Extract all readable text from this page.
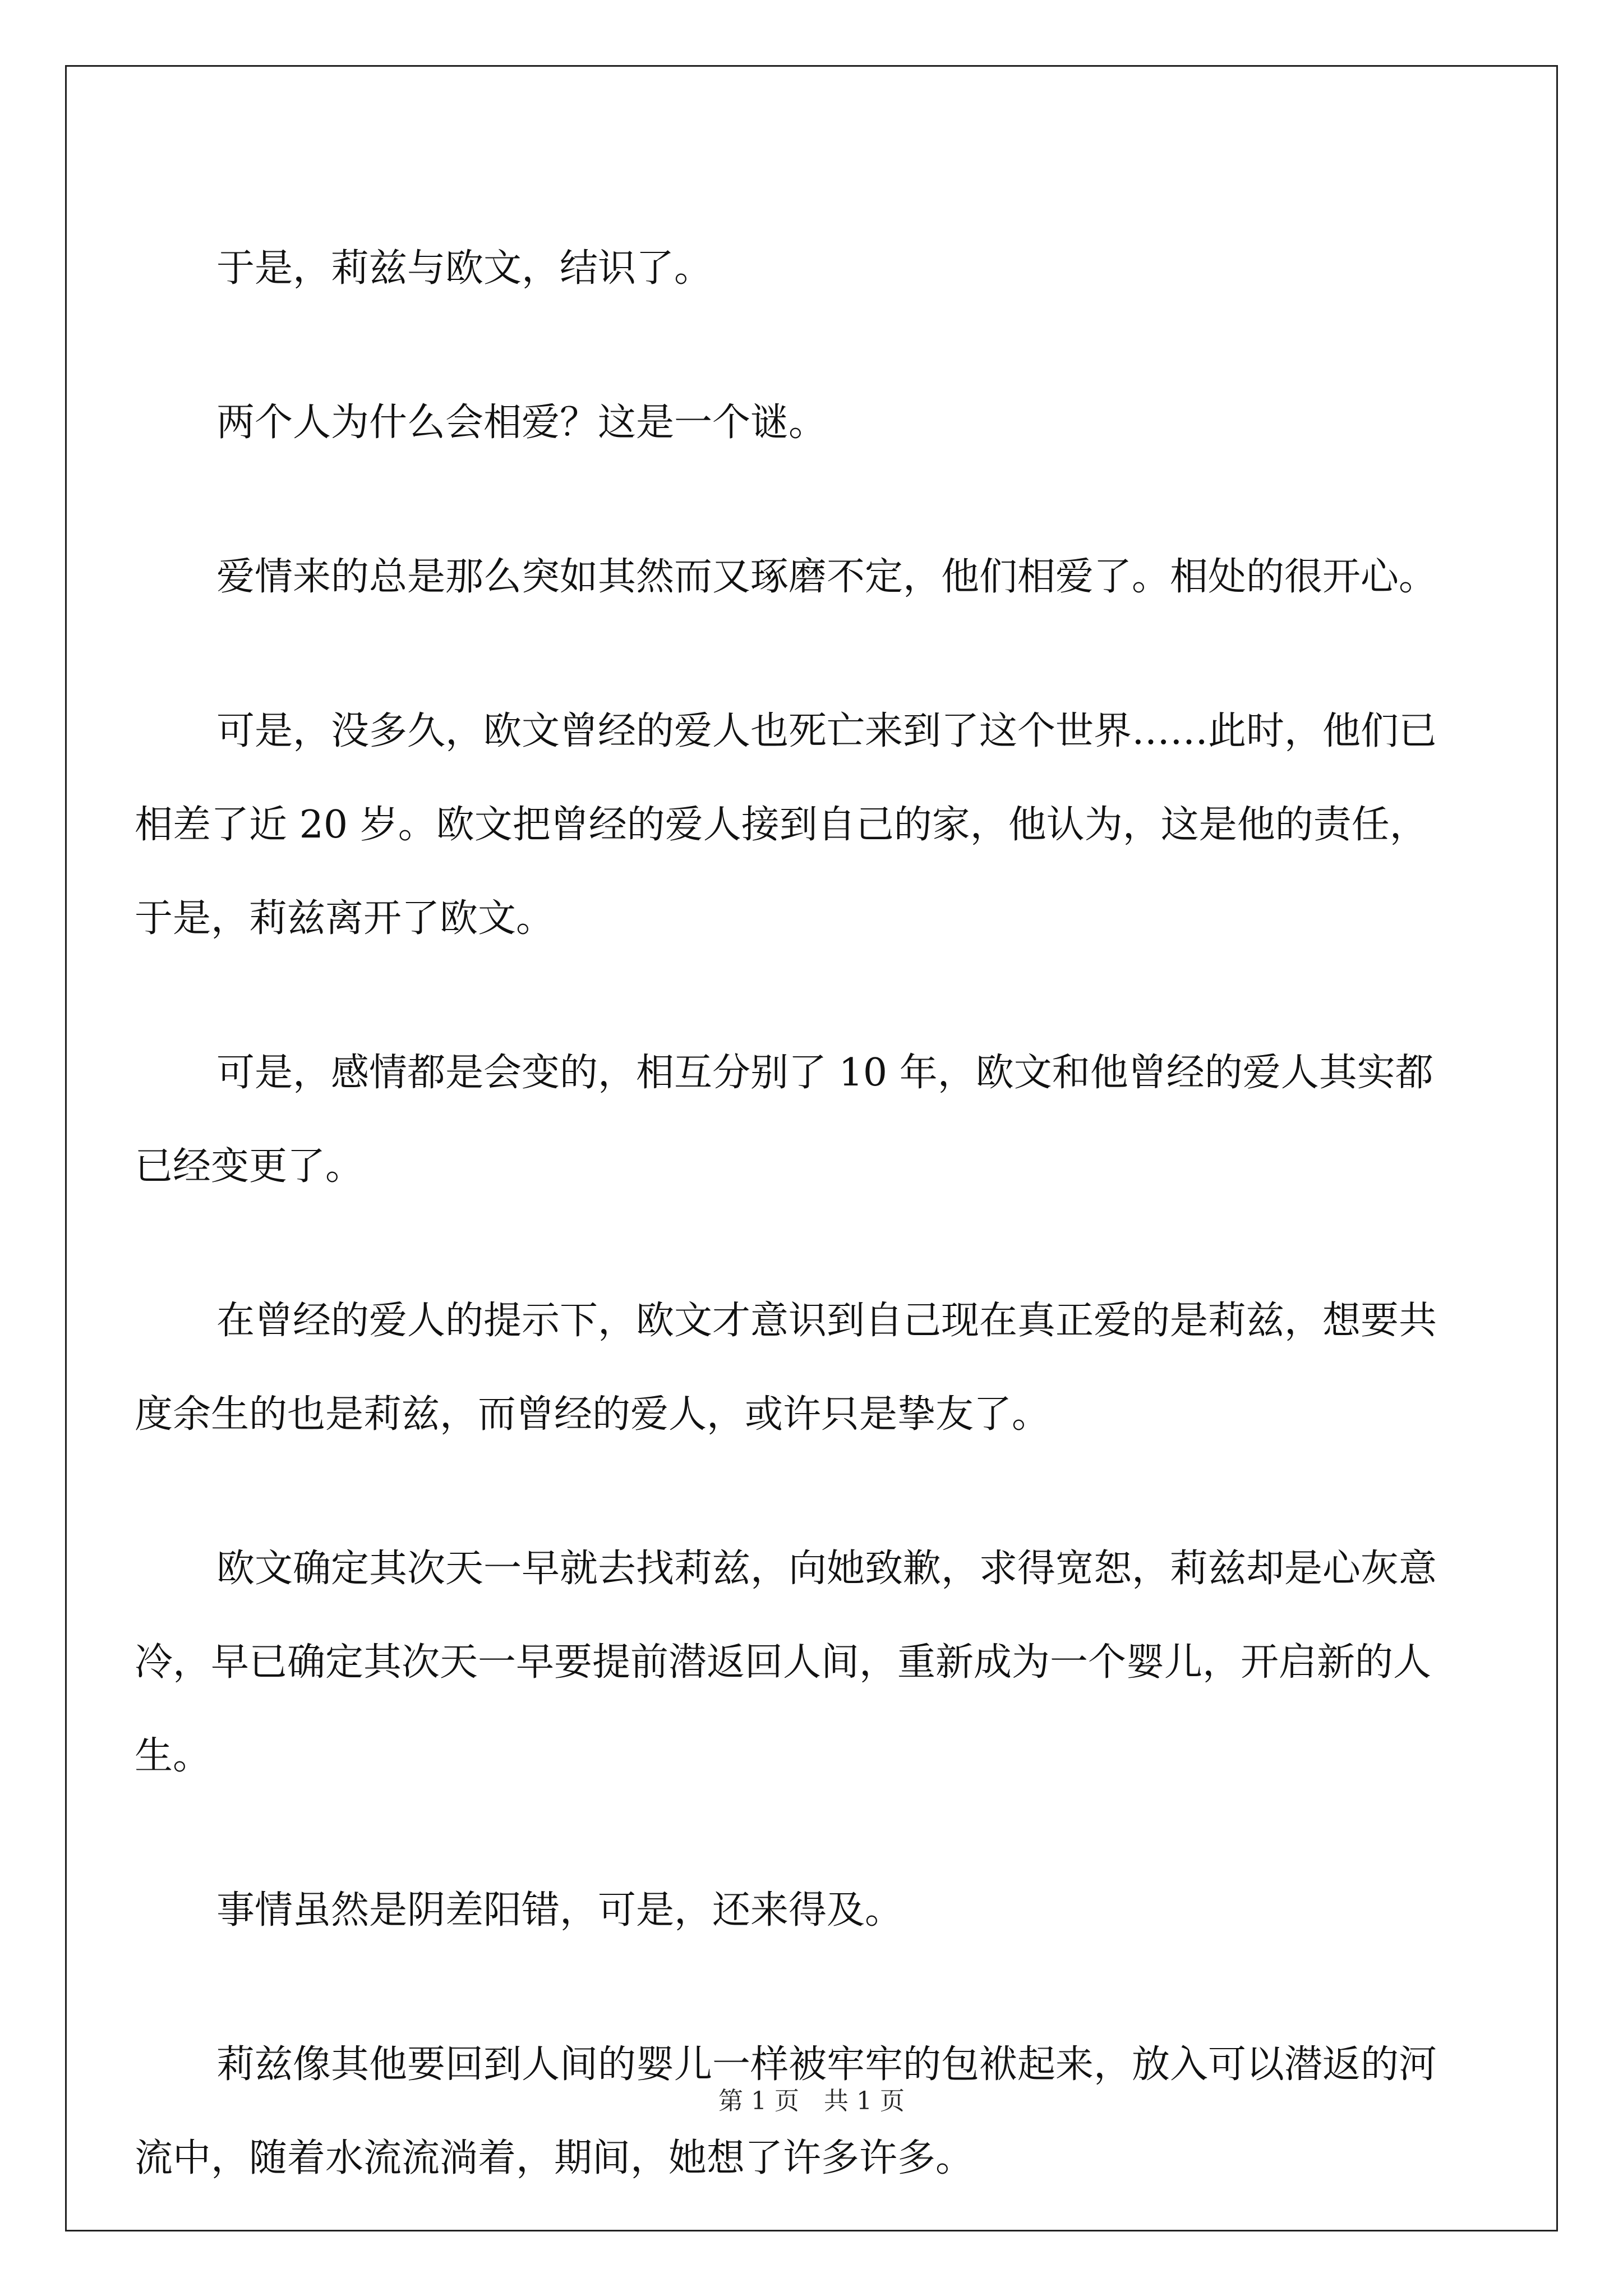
于是，莉兹与欧文，结识了。

两个人为什么会相爱？这是一个谜。

爱情来的总是那么突如其然而又琢磨不定，他们相爱了。相处的很开心。

可是，没多久，欧文曾经的爱人也死亡来到了这个世界……此时，他们已相差了近 20 岁。欧文把曾经的爱人接到自己的家，他认为，这是他的责任，于是，莉兹离开了欧文。

可是，感情都是会变的，相互分别了 10 年，欧文和他曾经的爱人其实都已经变更了。

在曾经的爱人的提示下，欧文才意识到自己现在真正爱的是莉兹，想要共度余生的也是莉兹，而曾经的爱人，或许只是挚友了。

欧文确定其次天一早就去找莉兹，向她致歉，求得宽恕，莉兹却是心灰意冷，早已确定其次天一早要提前潜返回人间，重新成为一个婴儿，开启新的人生。

事情虽然是阴差阳错，可是，还来得及。

莉兹像其他要回到人间的婴儿一样被牢牢的包袱起来，放入可以潜返的河流中，随着水流流淌着，期间，她想了许多许多。

第 1 页 共 1 页
